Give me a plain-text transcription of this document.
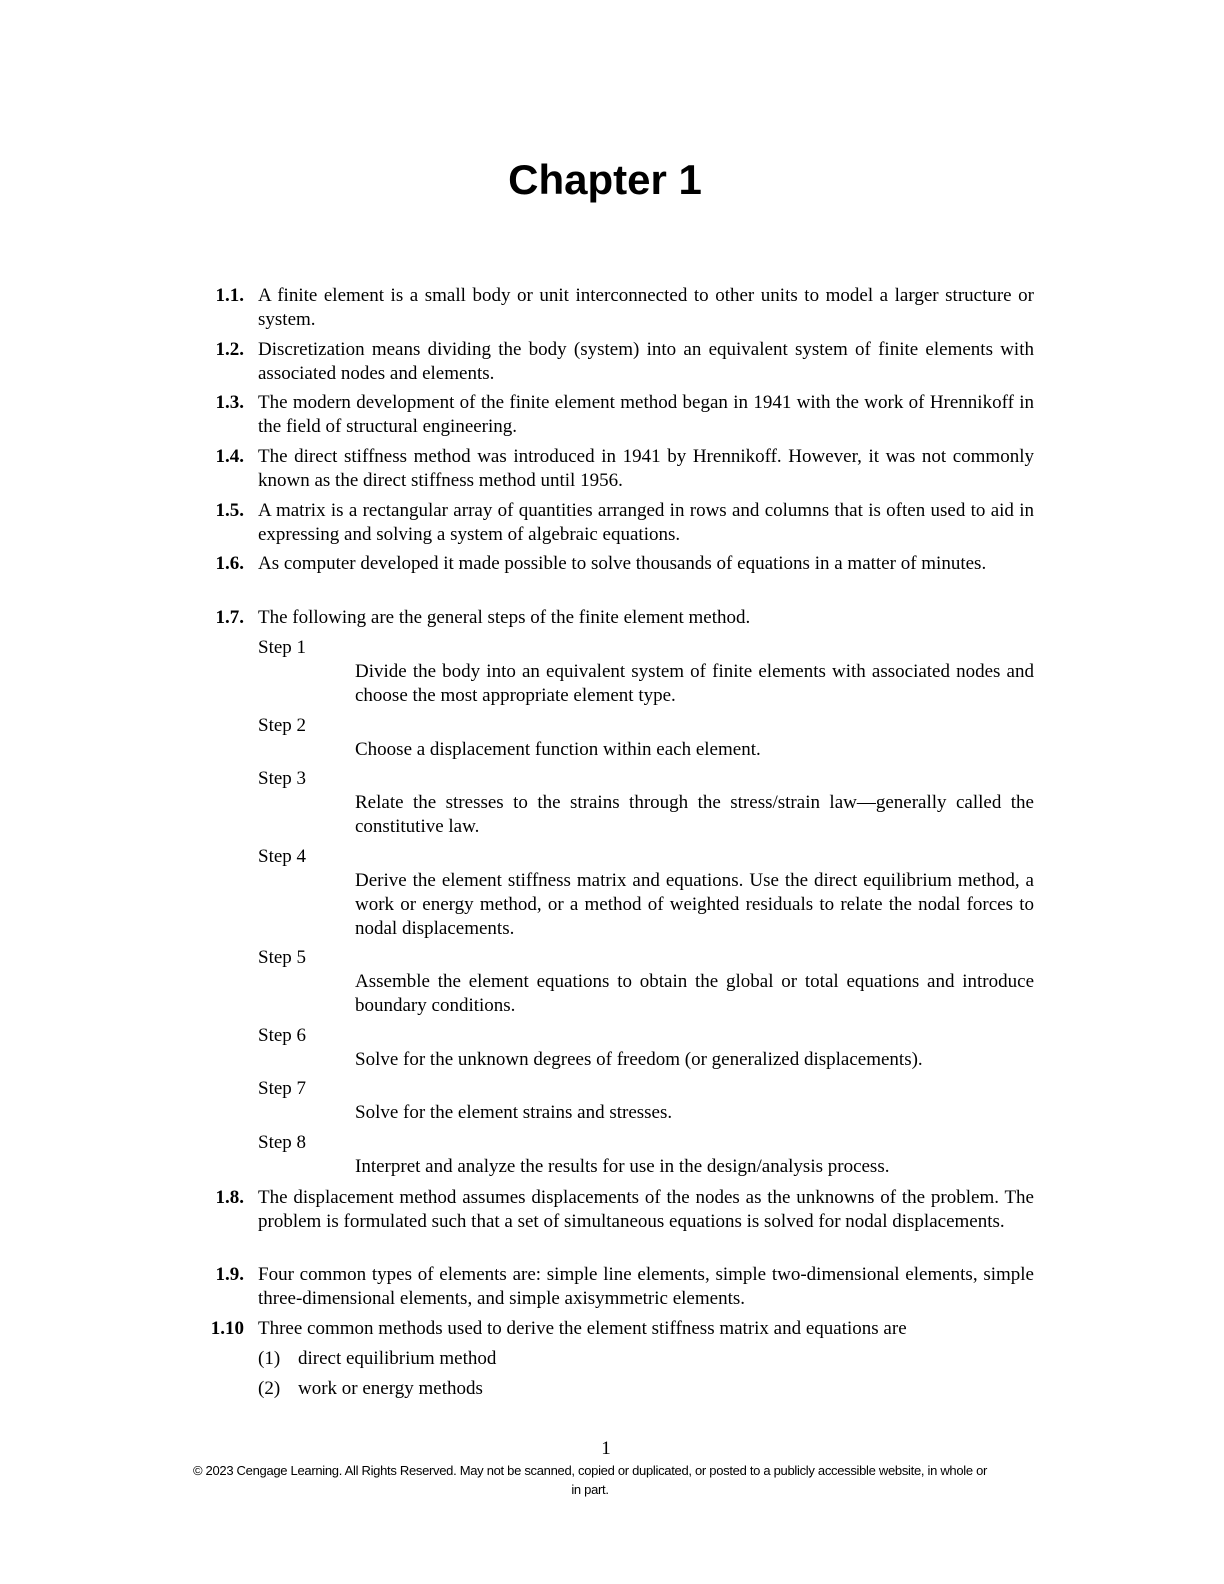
Chapter 1
1.1. A finite element is a small body or unit interconnected to other units to model a larger structure or system.
1.2. Discretization means dividing the body (system) into an equivalent system of finite elements with associated nodes and elements.
1.3. The modern development of the finite element method began in 1941 with the work of Hrennikoff in the field of structural engineering.
1.4. The direct stiffness method was introduced in 1941 by Hrennikoff. However, it was not commonly known as the direct stiffness method until 1956.
1.5. A matrix is a rectangular array of quantities arranged in rows and columns that is often used to aid in expressing and solving a system of algebraic equations.
1.6. As computer developed it made possible to solve thousands of equations in a matter of minutes.
1.7. The following are the general steps of the finite element method.
Step 1
Divide the body into an equivalent system of finite elements with associated nodes and choose the most appropriate element type.
Step 2
Choose a displacement function within each element.
Step 3
Relate the stresses to the strains through the stress/strain law—generally called the constitutive law.
Step 4
Derive the element stiffness matrix and equations. Use the direct equilibrium method, a work or energy method, or a method of weighted residuals to relate the nodal forces to nodal displacements.
Step 5
Assemble the element equations to obtain the global or total equations and introduce boundary conditions.
Step 6
Solve for the unknown degrees of freedom (or generalized displacements).
Step 7
Solve for the element strains and stresses.
Step 8
Interpret and analyze the results for use in the design/analysis process.
1.8. The displacement method assumes displacements of the nodes as the unknowns of the problem. The problem is formulated such that a set of simultaneous equations is solved for nodal displacements.
1.9. Four common types of elements are: simple line elements, simple two-dimensional elements, simple three-dimensional elements, and simple axisymmetric elements.
1.10 Three common methods used to derive the element stiffness matrix and equations are
(1) direct equilibrium method
(2) work or energy methods
1
© 2023 Cengage Learning. All Rights Reserved. May not be scanned, copied or duplicated, or posted to a publicly accessible website, in whole or in part.
